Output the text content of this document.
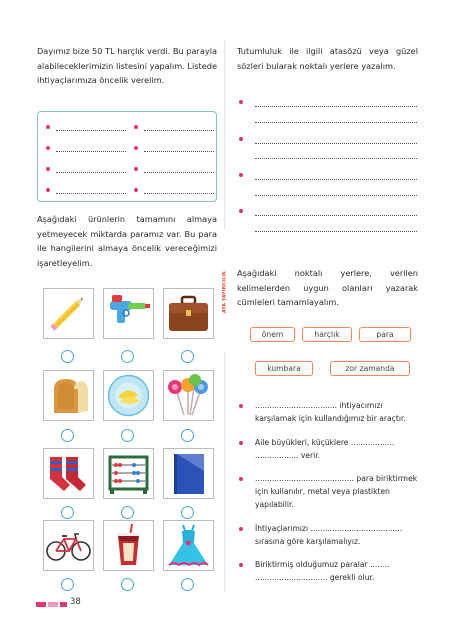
Dayımız bize 50 TL harçlık verdi. Bu parayla alabileceklerimizin listesini yapalım. Listede ihtiyaçlarımıza öncelik verelim.

Aşağıdaki ürünlerin tamamını almaya yetmeyecek miktarda paramız var. Bu para ile hangilerini almaya öncelik vereceğimizi işaretleyelim.

ATA YAYINCILIK

Tutumluluk ile ilgili atasözü veya güzel sözleri bularak noktalı yerlere yazalım.

Aşağıdaki noktalı yerlere, verilen kelimelerden uygun olanları yazarak cümleleri tamamlayalım.

önem	harçlık	para
kumbara	zor zamanda

.................................. ihtiyacımızı karşılamak için kullandığımız bir araçtır.

Aile büyükleri, küçüklere .................. .................. verir.

......................................... para biriktirmek için kullanılır, metal veya plastikten yapılabilir.

İhtiyaçlarımızı ...................................... sırasına göre karşılamalıyız.

Biriktirmiş olduğumuz paralar ........ .............................. gerekli olur.

38
